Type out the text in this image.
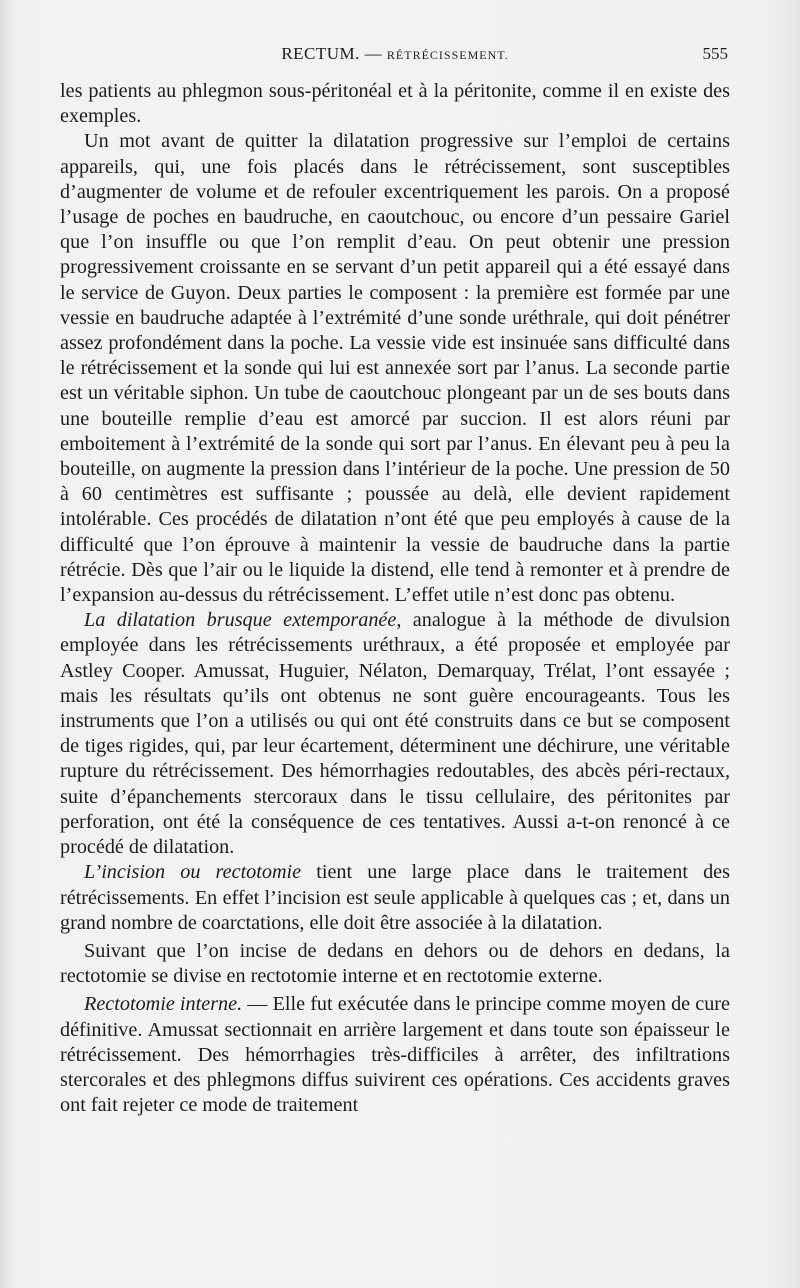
RECTUM. — RÉTRÉCISSEMENT.	555

les patients au phlegmon sous-péritonéal et à la péritonite, comme il en existe des exemples.

Un mot avant de quitter la dilatation progressive sur l’emploi de certains appareils, qui, une fois placés dans le rétrécissement, sont susceptibles d’augmenter de volume et de refouler excentriquement les parois. On a proposé l’usage de poches en baudruche, en caoutchouc, ou encore d’un pessaire Gariel que l’on insuffle ou que l’on remplit d’eau. On peut obtenir une pression progressivement croissante en se servant d’un petit appareil qui a été essayé dans le service de Guyon. Deux parties le composent : la première est formée par une vessie en baudruche adaptée à l’extrémité d’une sonde uréthrale, qui doit pénétrer assez profondément dans la poche. La vessie vide est insinuée sans difficulté dans le rétrécissement et la sonde qui lui est annexée sort par l’anus. La seconde partie est un véritable siphon. Un tube de caoutchouc plongeant par un de ses bouts dans une bouteille remplie d’eau est amorcé par succion. Il est alors réuni par emboitement à l’extrémité de la sonde qui sort par l’anus. En élevant peu à peu la bouteille, on augmente la pression dans l’intérieur de la poche. Une pression de 50 à 60 centimètres est suffisante ; poussée au delà, elle devient rapidement intolérable. Ces procédés de dilatation n’ont été que peu employés à cause de la difficulté que l’on éprouve à maintenir la vessie de baudruche dans la partie rétrécie. Dès que l’air ou le liquide la distend, elle tend à remonter et à prendre de l’expansion au-dessus du rétrécissement. L’effet utile n’est donc pas obtenu.

La dilatation brusque extemporanée, analogue à la méthode de divulsion employée dans les rétrécissements uréthraux, a été proposée et employée par Astley Cooper. Amussat, Huguier, Nélaton, Demarquay, Trélat, l’ont essayée ; mais les résultats qu’ils ont obtenus ne sont guère encourageants. Tous les instruments que l’on a utilisés ou qui ont été construits dans ce but se composent de tiges rigides, qui, par leur écartement, déterminent une déchirure, une véritable rupture du rétrécissement. Des hémorrhagies redoutables, des abcès péri-rectaux, suite d’épanchements stercoraux dans le tissu cellulaire, des péritonites par perforation, ont été la conséquence de ces tentatives. Aussi a-t-on renoncé à ce procédé de dilatation.

L’incision ou rectotomie tient une large place dans le traitement des rétrécissements. En effet l’incision est seule applicable à quelques cas ; et, dans un grand nombre de coarctations, elle doit être associée à la dilatation.

Suivant que l’on incise de dedans en dehors ou de dehors en dedans, la rectotomie se divise en rectotomie interne et en rectotomie externe.

Rectotomie interne. — Elle fut exécutée dans le principe comme moyen de cure définitive. Amussat sectionnait en arrière largement et dans toute son épaisseur le rétrécissement. Des hémorrhagies très-difficiles à arrêter, des infiltrations stercorales et des phlegmons diffus suivirent ces opérations. Ces accidents graves ont fait rejeter ce mode de traitement
